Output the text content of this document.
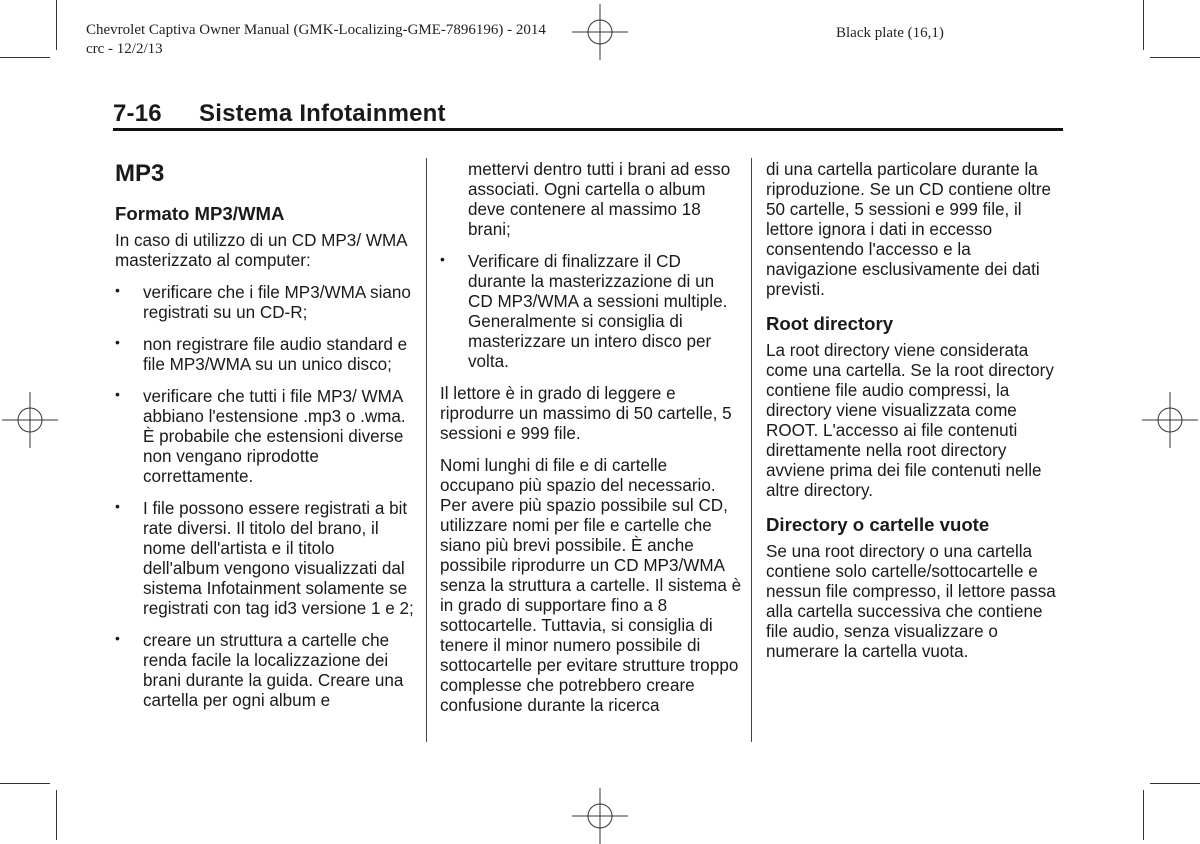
Chevrolet Captiva Owner Manual (GMK-Localizing-GME-7896196) - 2014
crc - 12/2/13
Black plate (16,1)
7-16 Sistema Infotainment
MP3
Formato MP3/WMA

In caso di utilizzo di un CD MP3/ WMA masterizzato al computer:

• verificare che i file MP3/WMA siano registrati su un CD-R;
• non registrare file audio standard e file MP3/WMA su un unico disco;
• verificare che tutti i file MP3/ WMA abbiano l'estensione .mp3 o .wma. È probabile che estensioni diverse non vengano riprodotte correttamente.
• I file possono essere registrati a bit rate diversi. Il titolo del brano, il nome dell'artista e il titolo dell'album vengono visualizzati dal sistema Infotainment solamente se registrati con tag id3 versione 1 e 2;
• creare un struttura a cartelle che renda facile la localizzazione dei brani durante la guida. Creare una cartella per ogni album e

mettervi dentro tutti i brani ad esso associati. Ogni cartella o album deve contenere al massimo 18 brani;

• Verificare di finalizzare il CD durante la masterizzazione di un CD MP3/WMA a sessioni multiple. Generalmente si consiglia di masterizzare un intero disco per volta.

Il lettore è in grado di leggere e riprodurre un massimo di 50 cartelle, 5 sessioni e 999 file.

Nomi lunghi di file e di cartelle occupano più spazio del necessario. Per avere più spazio possibile sul CD, utilizzare nomi per file e cartelle che siano più brevi possibile. È anche possibile riprodurre un CD MP3/WMA senza la struttura a cartelle. Il sistema è in grado di supportare fino a 8 sottocartelle. Tuttavia, si consiglia di tenere il minor numero possibile di sottocartelle per evitare strutture troppo complesse che potrebbero creare confusione durante la ricerca

di una cartella particolare durante la riproduzione. Se un CD contiene oltre 50 cartelle, 5 sessioni e 999 file, il lettore ignora i dati in eccesso consentendo l'accesso e la navigazione esclusivamente dei dati previsti.

Root directory

La root directory viene considerata come una cartella. Se la root directory contiene file audio compressi, la directory viene visualizzata come ROOT. L'accesso ai file contenuti direttamente nella root directory avviene prima dei file contenuti nelle altre directory.

Directory o cartelle vuote

Se una root directory o una cartella contiene solo cartelle/sottocartelle e nessun file compresso, il lettore passa alla cartella successiva che contiene file audio, senza visualizzare o numerare la cartella vuota.
